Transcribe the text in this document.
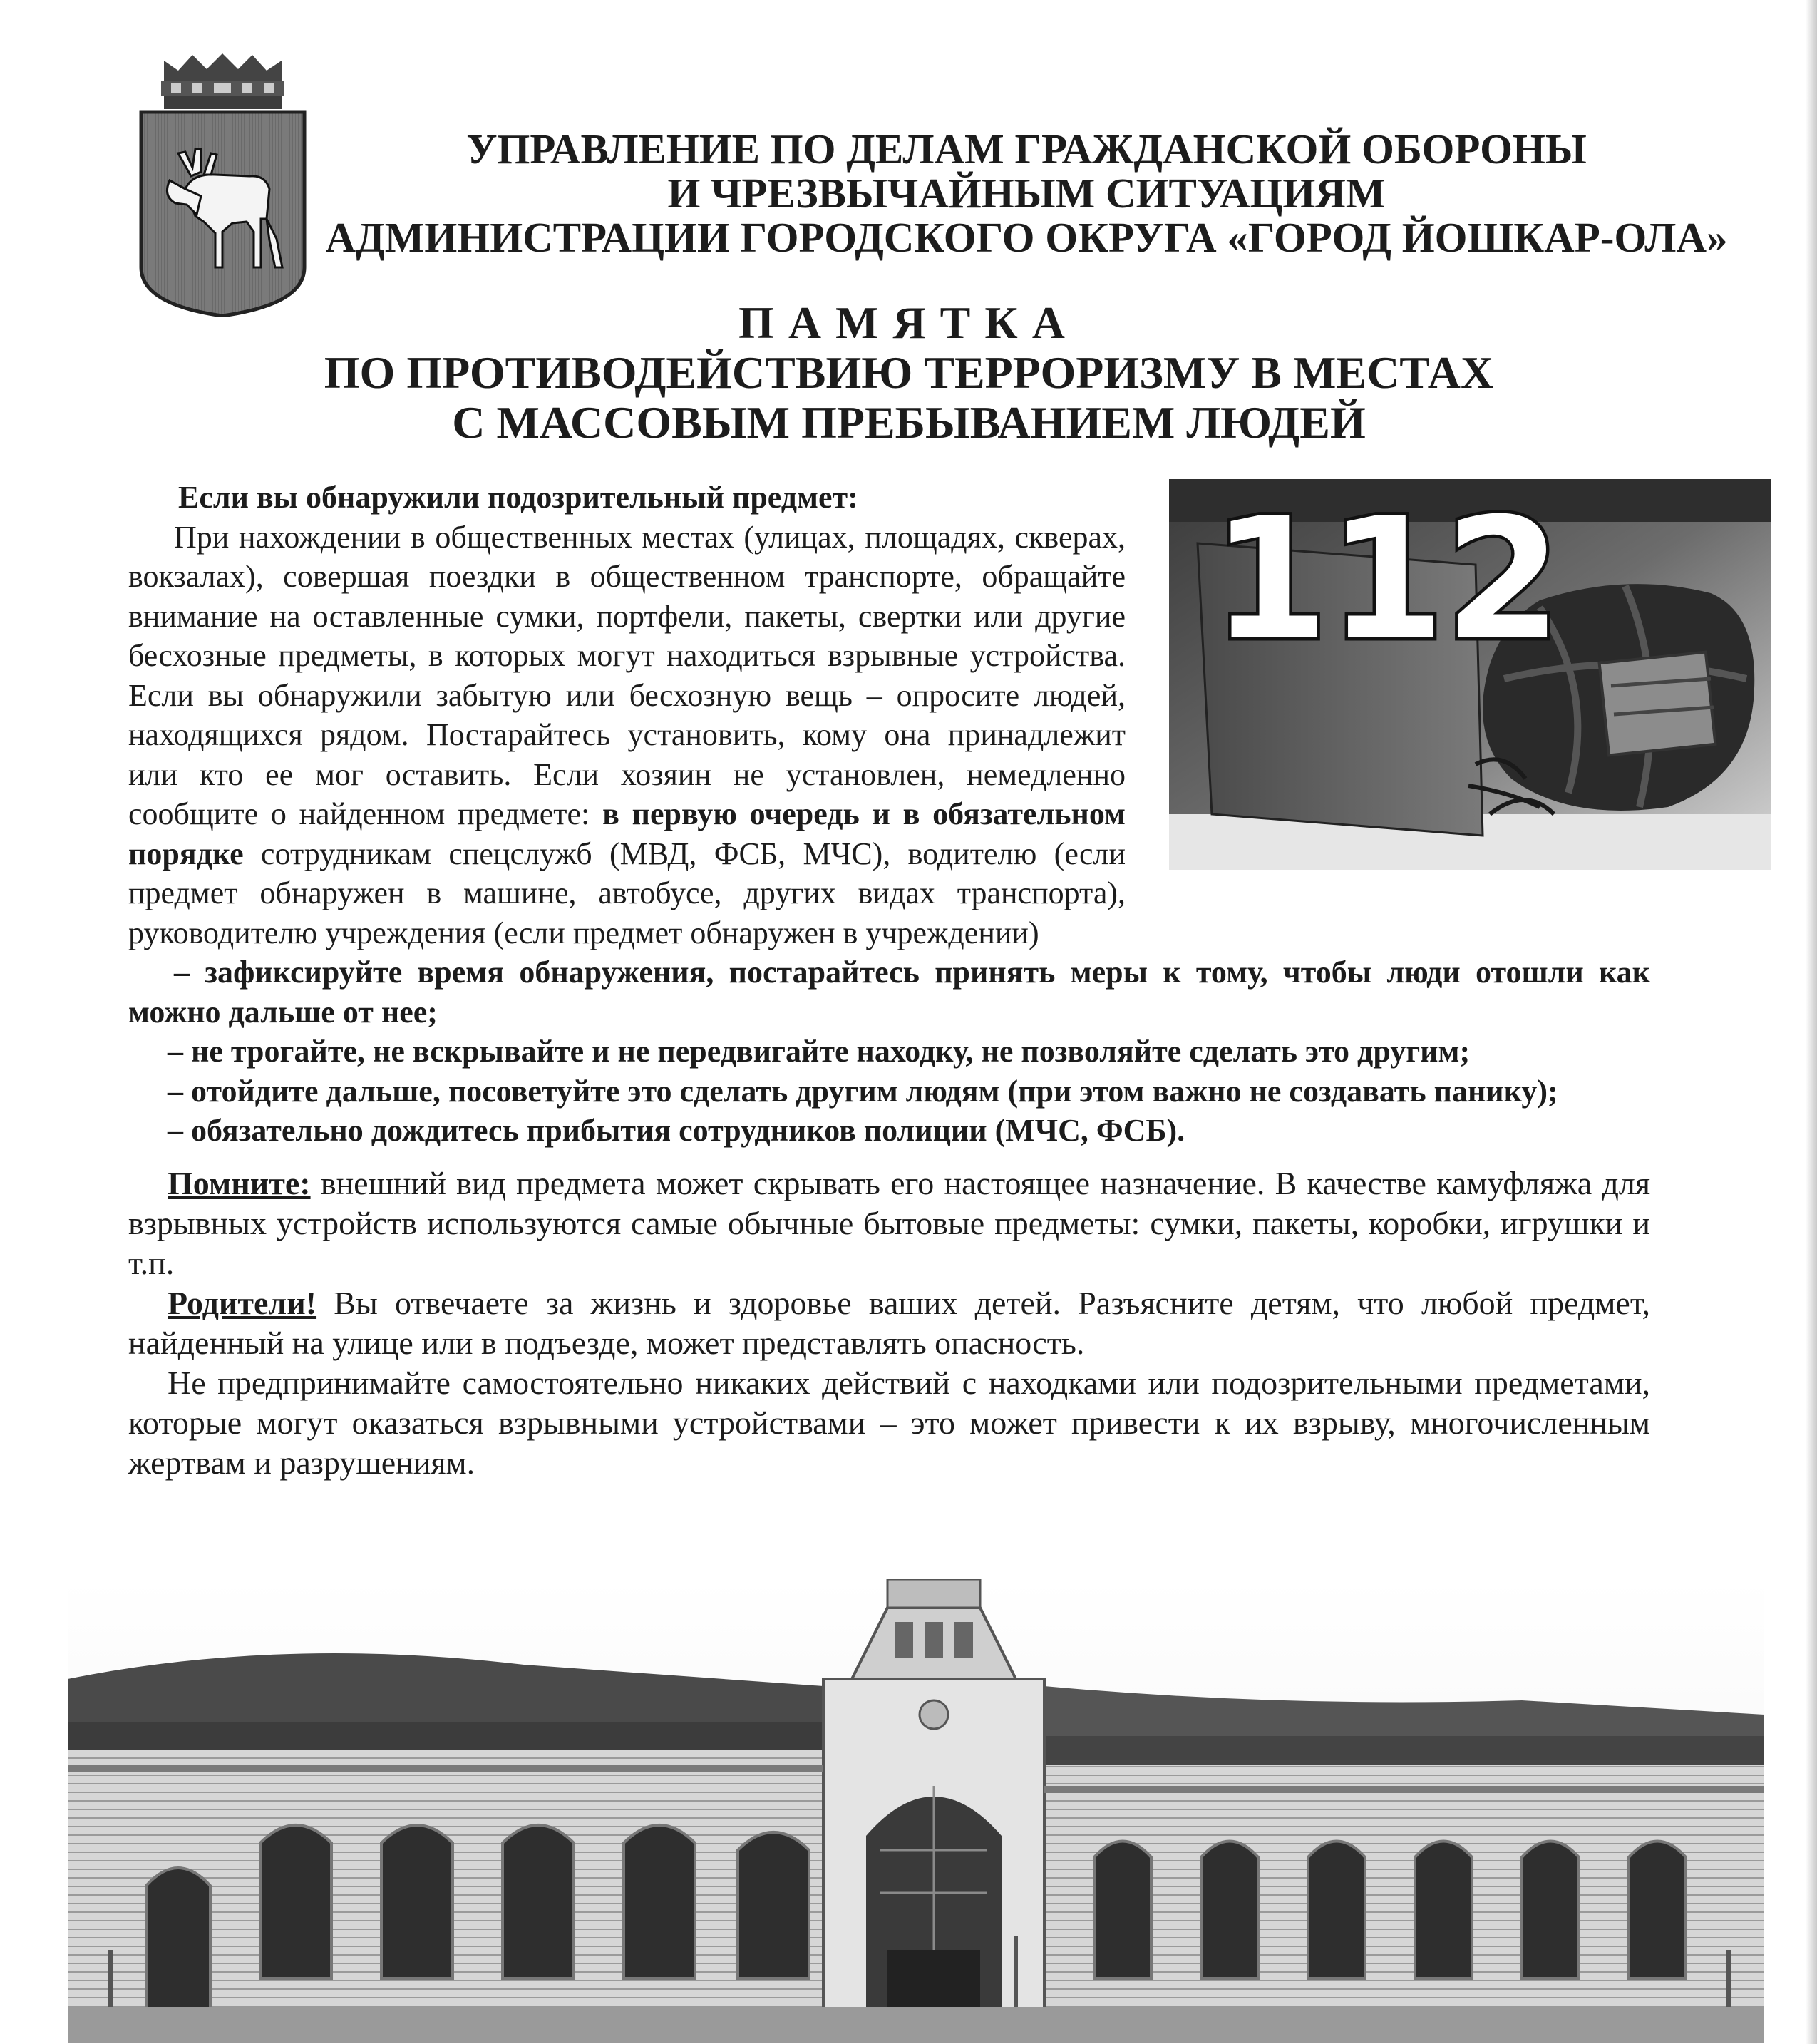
УПРАВЛЕНИЕ ПО ДЕЛАМ ГРАЖДАНСКОЙ ОБОРОНЫ
И ЧРЕЗВЫЧАЙНЫМ СИТУАЦИЯМ
АДМИНИСТРАЦИИ ГОРОДСКОГО ОКРУГА «ГОРОД ЙОШКАР-ОЛА»
ПАМЯТКА
ПО ПРОТИВОДЕЙСТВИЮ ТЕРРОРИЗМУ В МЕСТАХ
С МАССОВЫМ ПРЕБЫВАНИЕМ ЛЮДЕЙ
112

Если вы обнаружили подозрительный предмет:

При нахождении в общественных местах (улицах, площадях, скверах, вокзалах), совершая поездки в общественном транспорте, обращайте внимание на оставленные сумки, портфели, пакеты, свертки или другие бесхозные предметы, в которых могут находиться взрывные устройства. Если вы обнаружили забытую или бесхозную вещь – опросите людей, находящихся рядом. Постарайтесь установить, кому она принадлежит или кто ее мог оставить. Если хозяин не установлен, немедленно сообщите о найденном предмете: в первую очередь и в обязательном порядке сотрудникам спецслужб (МВД, ФСБ, МЧС), водителю (если предмет обнаружен в машине, автобусе, других видах транспорта), руководителю учреждения (если предмет обнаружен в учреждении)

– зафиксируйте время обнаружения, постарайтесь принять меры к тому, чтобы люди отошли как можно дальше от нее;

– не трогайте, не вскрывайте и не передвигайте находку, не позволяйте сделать это другим;

– отойдите дальше, посоветуйте это сделать другим людям (при этом важно не создавать панику);

– обязательно дождитесь прибытия сотрудников полиции (МЧС, ФСБ).

Помните: внешний вид предмета может скрывать его настоящее назначение. В качестве камуфляжа для взрывных устройств используются самые обычные бытовые предметы: сумки, пакеты, коробки, игрушки и т.п.

Родители! Вы отвечаете за жизнь и здоровье ваших детей. Разъясните детям, что любой предмет, найденный на улице или в подъезде, может представлять опасность.

Не предпринимайте самостоятельно никаких действий с находками или подозрительными предметами, которые могут оказаться взрывными устройствами – это может привести к их взрыву, многочисленным жертвам и разрушениям.
